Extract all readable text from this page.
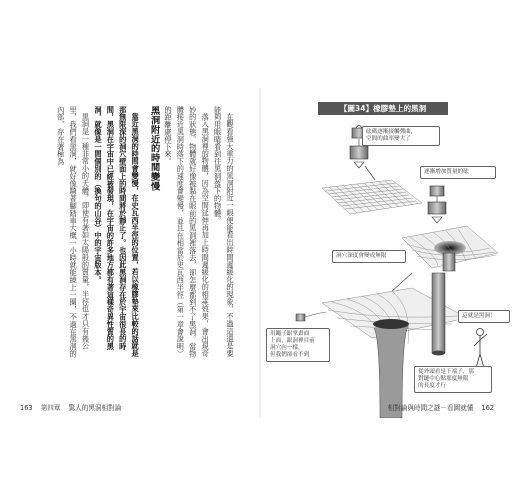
在觀看強大重力的黑洞附近一眼便能看出時間遲緩化的現象，不過這還是要能夠用眼睛看到往黑洞落下的物體。

落入黑洞裡的物體，因為空間延伸再加上時間遲緩化的相乘效果，會出現奇妙的狀態。物體就好像被黏在眼前的黑洞裡落去，卻怎麼都到不了黑洞。當物體接近黑洞時落下的速度會變慢，並且在相當於史瓦西半徑（第一章會說明）的距離處停下來。

黑洞附近的時間變慢

靠近黑洞的時間會變慢，在史瓦西半徑的位置，若以橡膠墊來比較的話就是那無限深的洞穴壁面上的時間將於靜止了。也因此黑洞存在於宇宙很長的時間，黑洞在宇宙中已經被發現，在宇宙的許多地方都有著這樣奇異性質的黑洞，就像是一間個別的（換句的山谷）中的宇宙版本。

黑洞是一種非常小的天體，即使有著如太陽般的質量，半徑也才只有幾公里，我們看黑洞，就好像騎著腳踏車大概一小時就能繞上一圈，不過在黑洞的內部，存在著極為

163 第四章 驚人的黑洞相對論
【圖34】橡膠墊上的黑洞
砝碼逐漸接觸彈曲，
空間的曲率變大了
逐漸增加質量的砝
洞穴深度會變成無限
用繩子跟掌畫面
上面，跟洞裡目前
洞穴內一樣，
但我們卻看不到
這就是黑洞！
從外頭看是下端子，那
對鏈中心點那度無限
的長度才行
相對論與時間之謎－看圖就懂 162
